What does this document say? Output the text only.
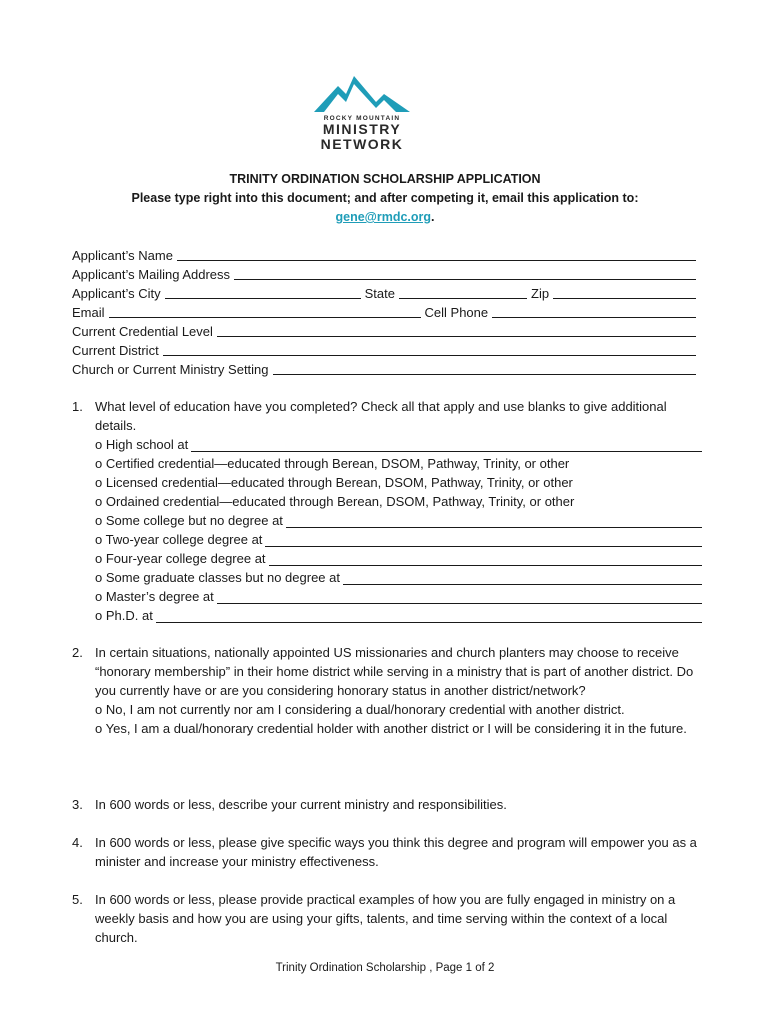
ROCKY MOUNTAIN
MINISTRY
NETWORK
TRINITY ORDINATION SCHOLARSHIP APPLICATION
Please type right into this document; and after competing it, email this application to:
gene@rmdc.org.
Applicant’s Name
Applicant’s Mailing Address
Applicant’s City	State	Zip
Email	Cell Phone
Current Credential Level
Current District
Church or Current Ministry Setting
1. What level of education have you completed? Check all that apply and use blanks to give additional details.
o High school at
o Certified credential—educated through Berean, DSOM, Pathway, Trinity, or other
o Licensed credential—educated through Berean, DSOM, Pathway, Trinity, or other
o Ordained credential—educated through Berean, DSOM, Pathway, Trinity, or other
o Some college but no degree at
o Two-year college degree at
o Four-year college degree at
o Some graduate classes but no degree at
o Master’s degree at
o Ph.D. at
2. In certain situations, nationally appointed US missionaries and church planters may choose to receive “honorary membership” in their home district while serving in a ministry that is part of another district. Do you currently have or are you considering honorary status in another district/network?
o No, I am not currently nor am I considering a dual/honorary credential with another district.
o Yes, I am a dual/honorary credential holder with another district or I will be considering it in the future.
3. In 600 words or less, describe your current ministry and responsibilities.
4. In 600 words or less, please give specific ways you think this degree and program will empower you as a minister and increase your ministry effectiveness.
5. In 600 words or less, please provide practical examples of how you are fully engaged in ministry on a weekly basis and how you are using your gifts, talents, and time serving within the context of a local church.
Trinity Ordination Scholarship , Page 1 of 2
